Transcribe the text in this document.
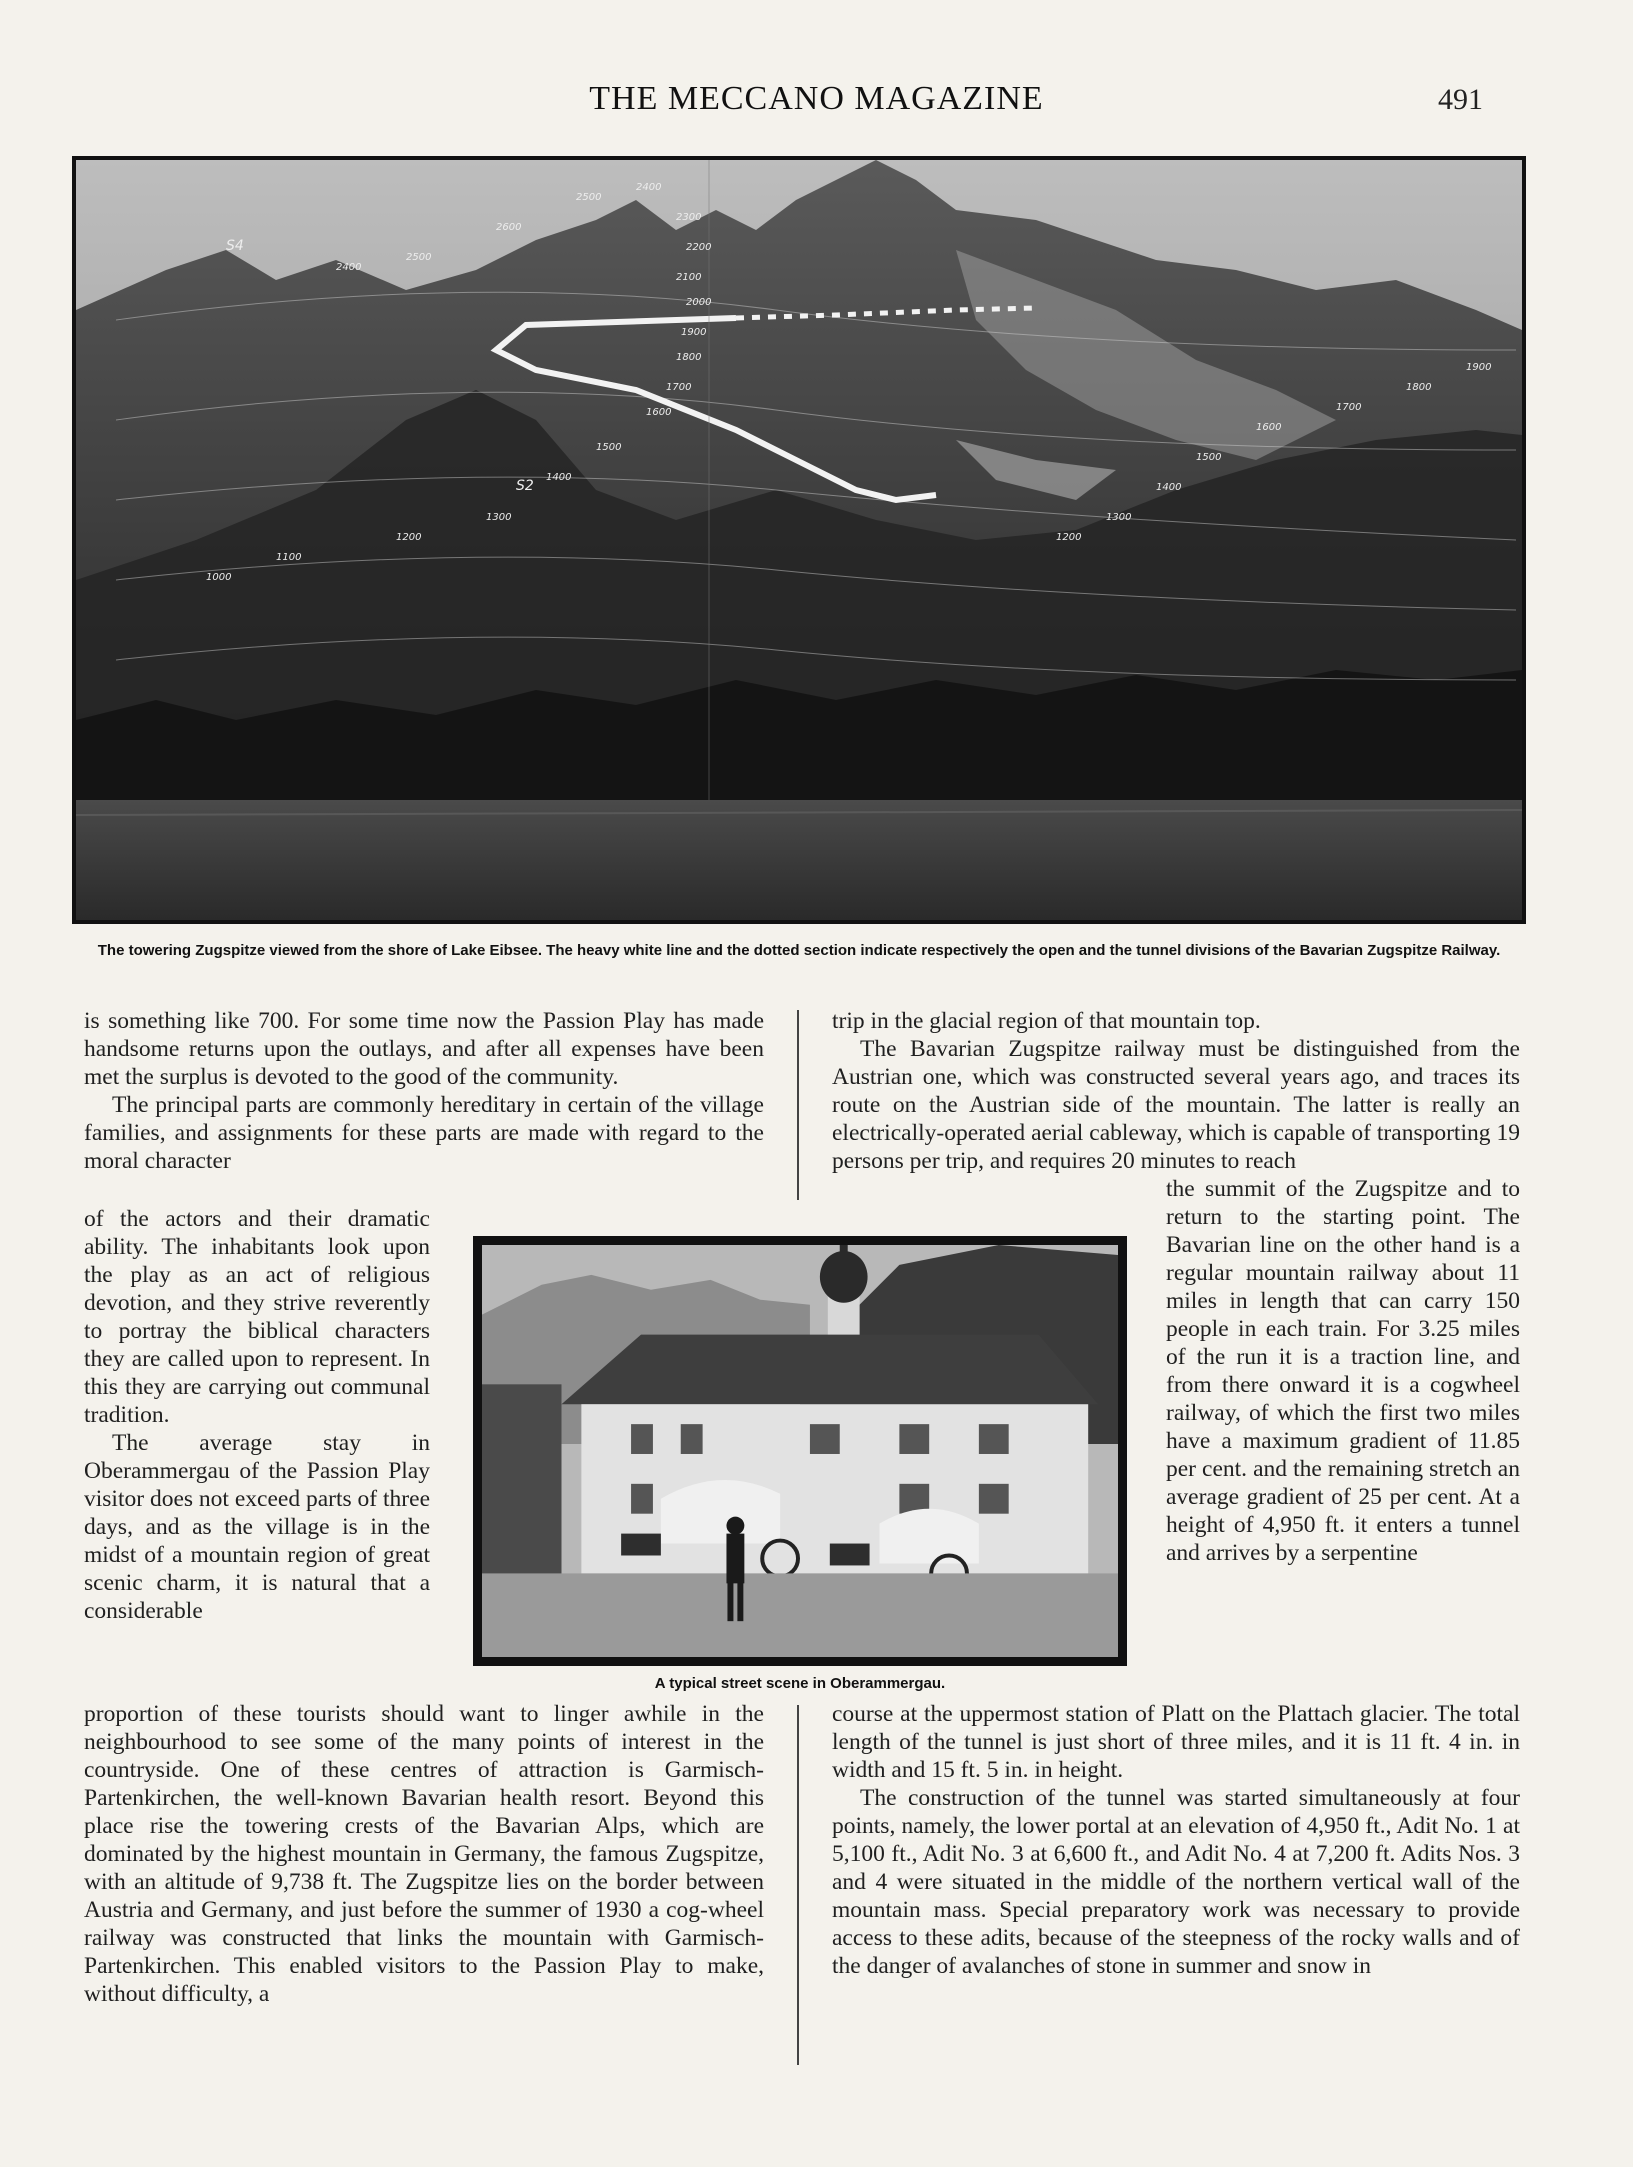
THE MECCANO MAGAZINE	491
2400
2500
2600
2500
2400
2300
2200
2100
2000
1900
1800
1700
1600
1500
1400
1300
1200
1100
1000
1900
1800
1700
1600
1500
1400
1300
1200
S4
S2
The towering Zugspitze viewed from the shore of Lake Eibsee. The heavy white line and the dotted section indicate respectively the open and the tunnel divisions of the Bavarian Zugspitze Railway.

is something like 700. For some time now the Passion Play has made handsome returns upon the outlays, and after all expenses have been met the surplus is devoted to the good of the community.

The principal parts are commonly hereditary in certain of the village families, and assignments for these parts are made with regard to the moral character

trip in the glacial region of that mountain top.

The Bavarian Zugspitze railway must be distinguished from the Austrian one, which was constructed several years ago, and traces its route on the Austrian side of the mountain. The latter is really an electrically-operated aerial cableway, which is capable of transporting 19 persons per trip, and requires 20 minutes to reach

of the actors and their dramatic ability. The inhabitants look upon the play as an act of religious devotion, and they strive reverently to portray the biblical characters they are called upon to represent. In this they are carrying out communal tradition.

The average stay in Oberammergau of the Passion Play visitor does not exceed parts of three days, and as the village is in the midst of a mountain region of great scenic charm, it is natural that a considerable

A typical street scene in Oberammergau.

the summit of the Zugspitze and to return to the starting point. The Bavarian line on the other hand is a regular mountain railway about 11 miles in length that can carry 150 people in each train. For 3.25 miles of the run it is a traction line, and from there onward it is a cogwheel railway, of which the first two miles have a maximum gradient of 11.85 per cent. and the remaining stretch an average gradient of 25 per cent. At a height of 4,950 ft. it enters a tunnel and arrives by a serpentine

proportion of these tourists should want to linger awhile in the neighbourhood to see some of the many points of interest in the countryside. One of these centres of attraction is Garmisch-Partenkirchen, the well-known Bavarian health resort. Beyond this place rise the towering crests of the Bavarian Alps, which are dominated by the highest mountain in Germany, the famous Zugspitze, with an altitude of 9,738 ft. The Zugspitze lies on the border between Austria and Germany, and just before the summer of 1930 a cog-wheel railway was constructed that links the mountain with Garmisch-Partenkirchen. This enabled visitors to the Passion Play to make, without difficulty, a

course at the uppermost station of Platt on the Plattach glacier. The total length of the tunnel is just short of three miles, and it is 11 ft. 4 in. in width and 15 ft. 5 in. in height.

The construction of the tunnel was started simultaneously at four points, namely, the lower portal at an elevation of 4,950 ft., Adit No. 1 at 5,100 ft., Adit No. 3 at 6,600 ft., and Adit No. 4 at 7,200 ft. Adits Nos. 3 and 4 were situated in the middle of the northern vertical wall of the mountain mass. Special preparatory work was necessary to provide access to these adits, because of the steepness of the rocky walls and of the danger of avalanches of stone in summer and snow in
